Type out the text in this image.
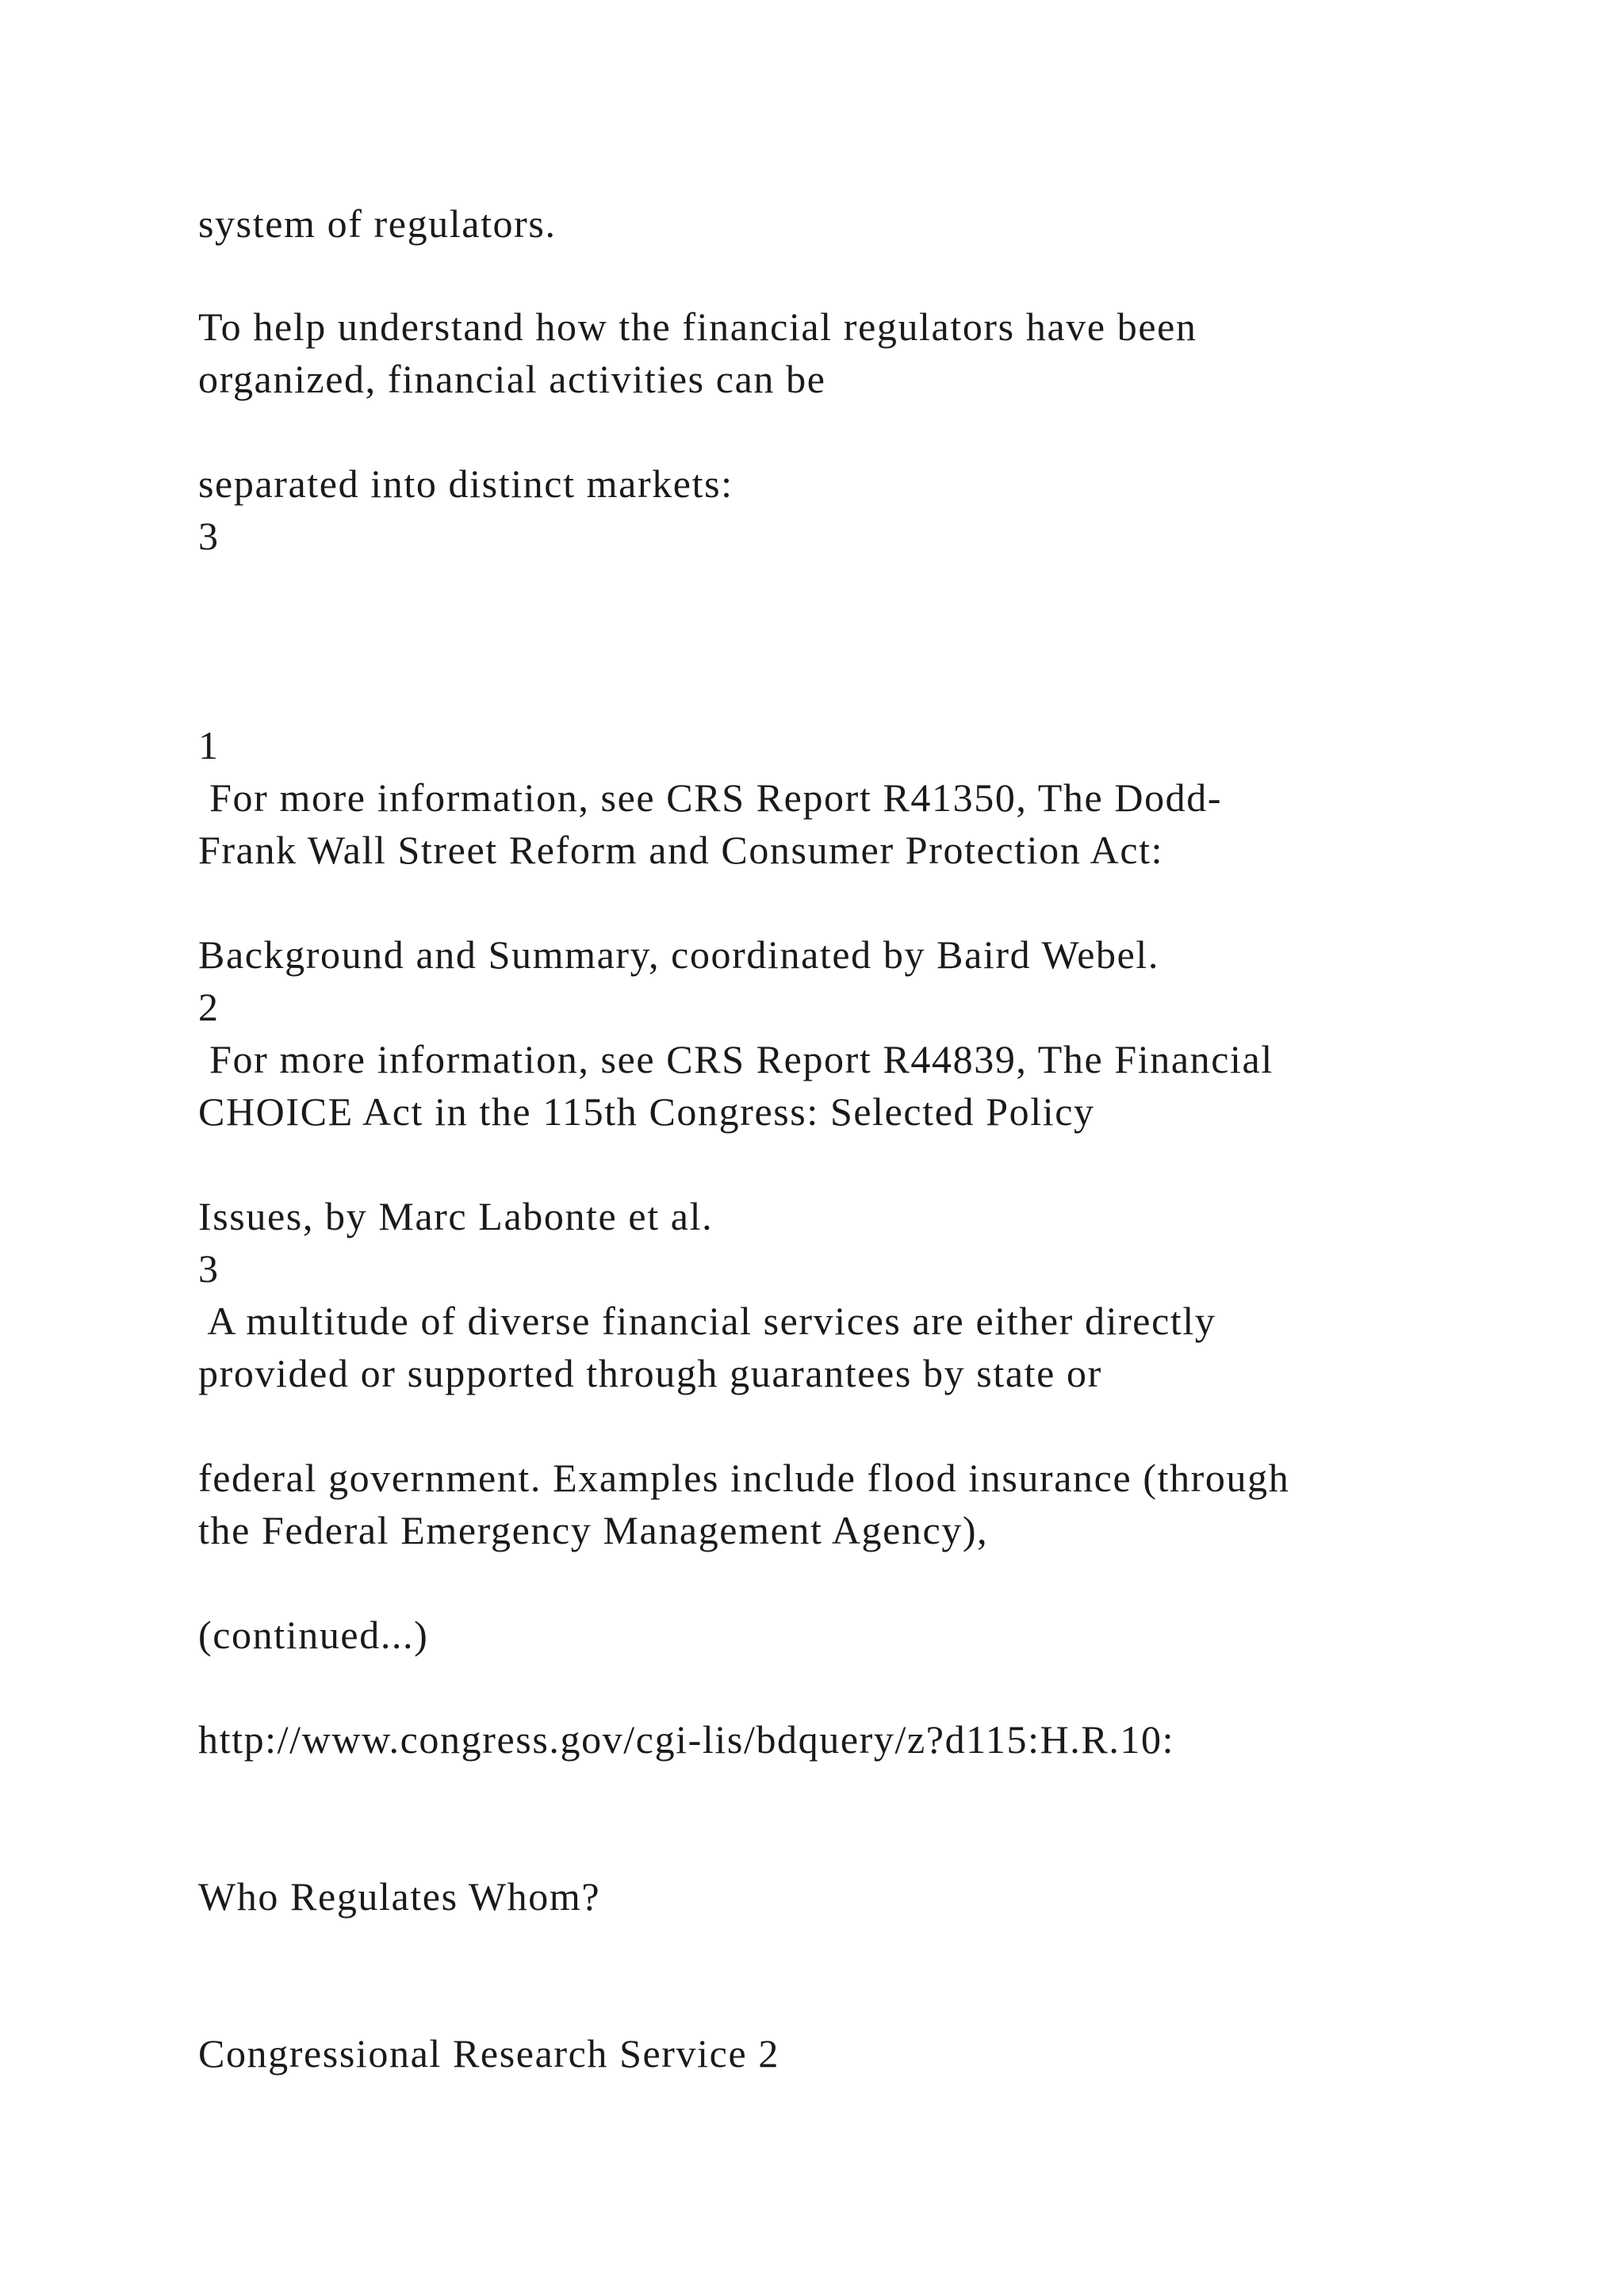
system of regulators.

To help understand how the financial regulators have been

organized, financial activities can be

separated into distinct markets:

3

1

For more information, see CRS Report R41350, The Dodd-

Frank Wall Street Reform and Consumer Protection Act:

Background and Summary, coordinated by Baird Webel.

2

For more information, see CRS Report R44839, The Financial

CHOICE Act in the 115th Congress: Selected Policy

Issues, by Marc Labonte et al.

3

A multitude of diverse financial services are either directly

provided or supported through guarantees by state or

federal government. Examples include flood insurance (through

the Federal Emergency Management Agency),

(continued...)

http://www.congress.gov/cgi-lis/bdquery/z?d115:H.R.10:

Who Regulates Whom?

Congressional Research Service 2
